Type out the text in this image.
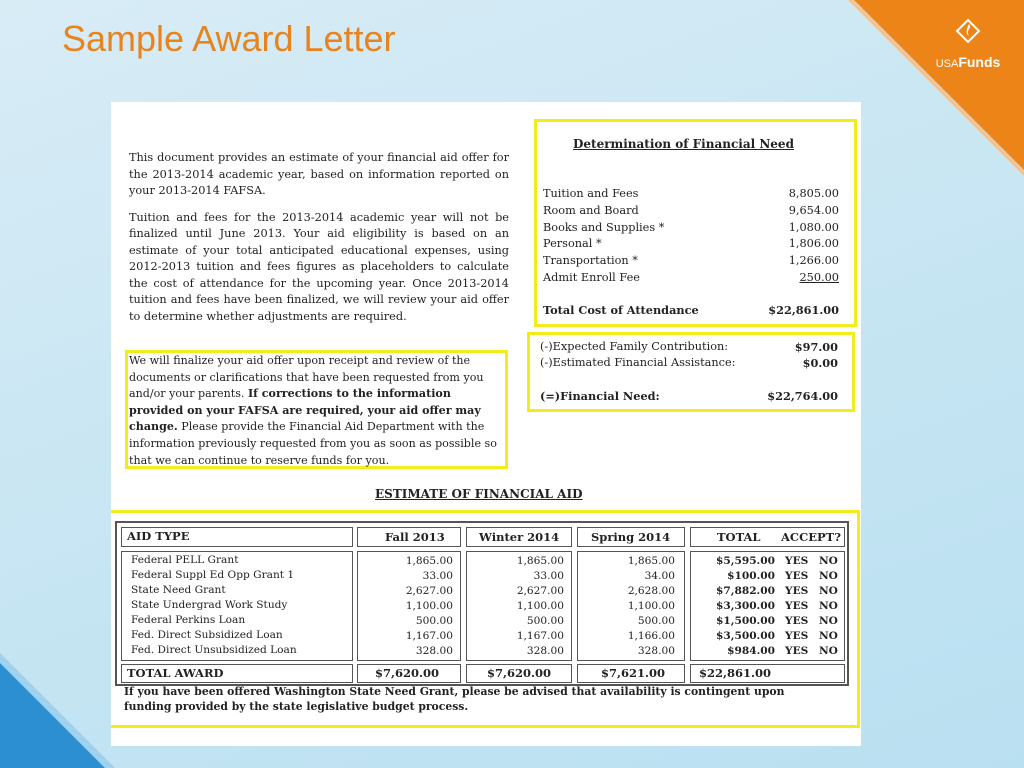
Sample Award Letter
USAFunds

This document provides an estimate of your financial aid offer for the 2013-2014 academic year, based on information reported on your 2013-2014 FAFSA.

Tuition and fees for the 2013-2014 academic year will not be finalized until June 2013. Your aid eligibility is based on an estimate of your total anticipated educational expenses, using 2012-2013 tuition and fees figures as placeholders to calculate the cost of attendance for the upcoming year. Once 2013-2014 tuition and fees have been finalized, we will review your aid offer to determine whether adjustments are required.

We will finalize your aid offer upon receipt and review of the documents or clarifications that have been requested from you and/or your parents. If corrections to the information provided on your FAFSA are required, your aid offer may change. Please provide the Financial Aid Department with the information previously requested from you as soon as possible so that we can continue to reserve funds for you.
Determination of Financial Need
Tuition and Fees	8,805.00
Room and Board	9,654.00
Books and Supplies *	1,080.00
Personal *	1,806.00
Transportation *	1,266.00
Admit Enroll Fee	250.00
Total Cost of Attendance	$22,861.00
(-)Expected Family Contribution:	$97.00
(-)Estimated Financial Assistance:	$0.00
(=)Financial Need:	$22,764.00
ESTIMATE OF FINANCIAL AID
AID TYPE	Fall 2013	Winter 2014	Spring 2014	TOTAL ACCEPT?
Federal PELL Grant	1,865.00	1,865.00	1,865.00	$5,595.00 YES NO
Federal Suppl Ed Opp Grant 1	33.00	33.00	34.00	$100.00 YES NO
State Need Grant	2,627.00	2,627.00	2,628.00	$7,882.00 YES NO
State Undergrad Work Study	1,100.00	1,100.00	1,100.00	$3,300.00 YES NO
Federal Perkins Loan	500.00	500.00	500.00	$1,500.00 YES NO
Fed. Direct Subsidized Loan	1,167.00	1,167.00	1,166.00	$3,500.00 YES NO
Fed. Direct Unsubsidized Loan	328.00	328.00	328.00	$984.00 YES NO
TOTAL AWARD	$7,620.00	$7,620.00	$7,621.00	$22,861.00
If you have been offered Washington State Need Grant, please be advised that availability is contingent upon funding provided by the state legislative budget process.
